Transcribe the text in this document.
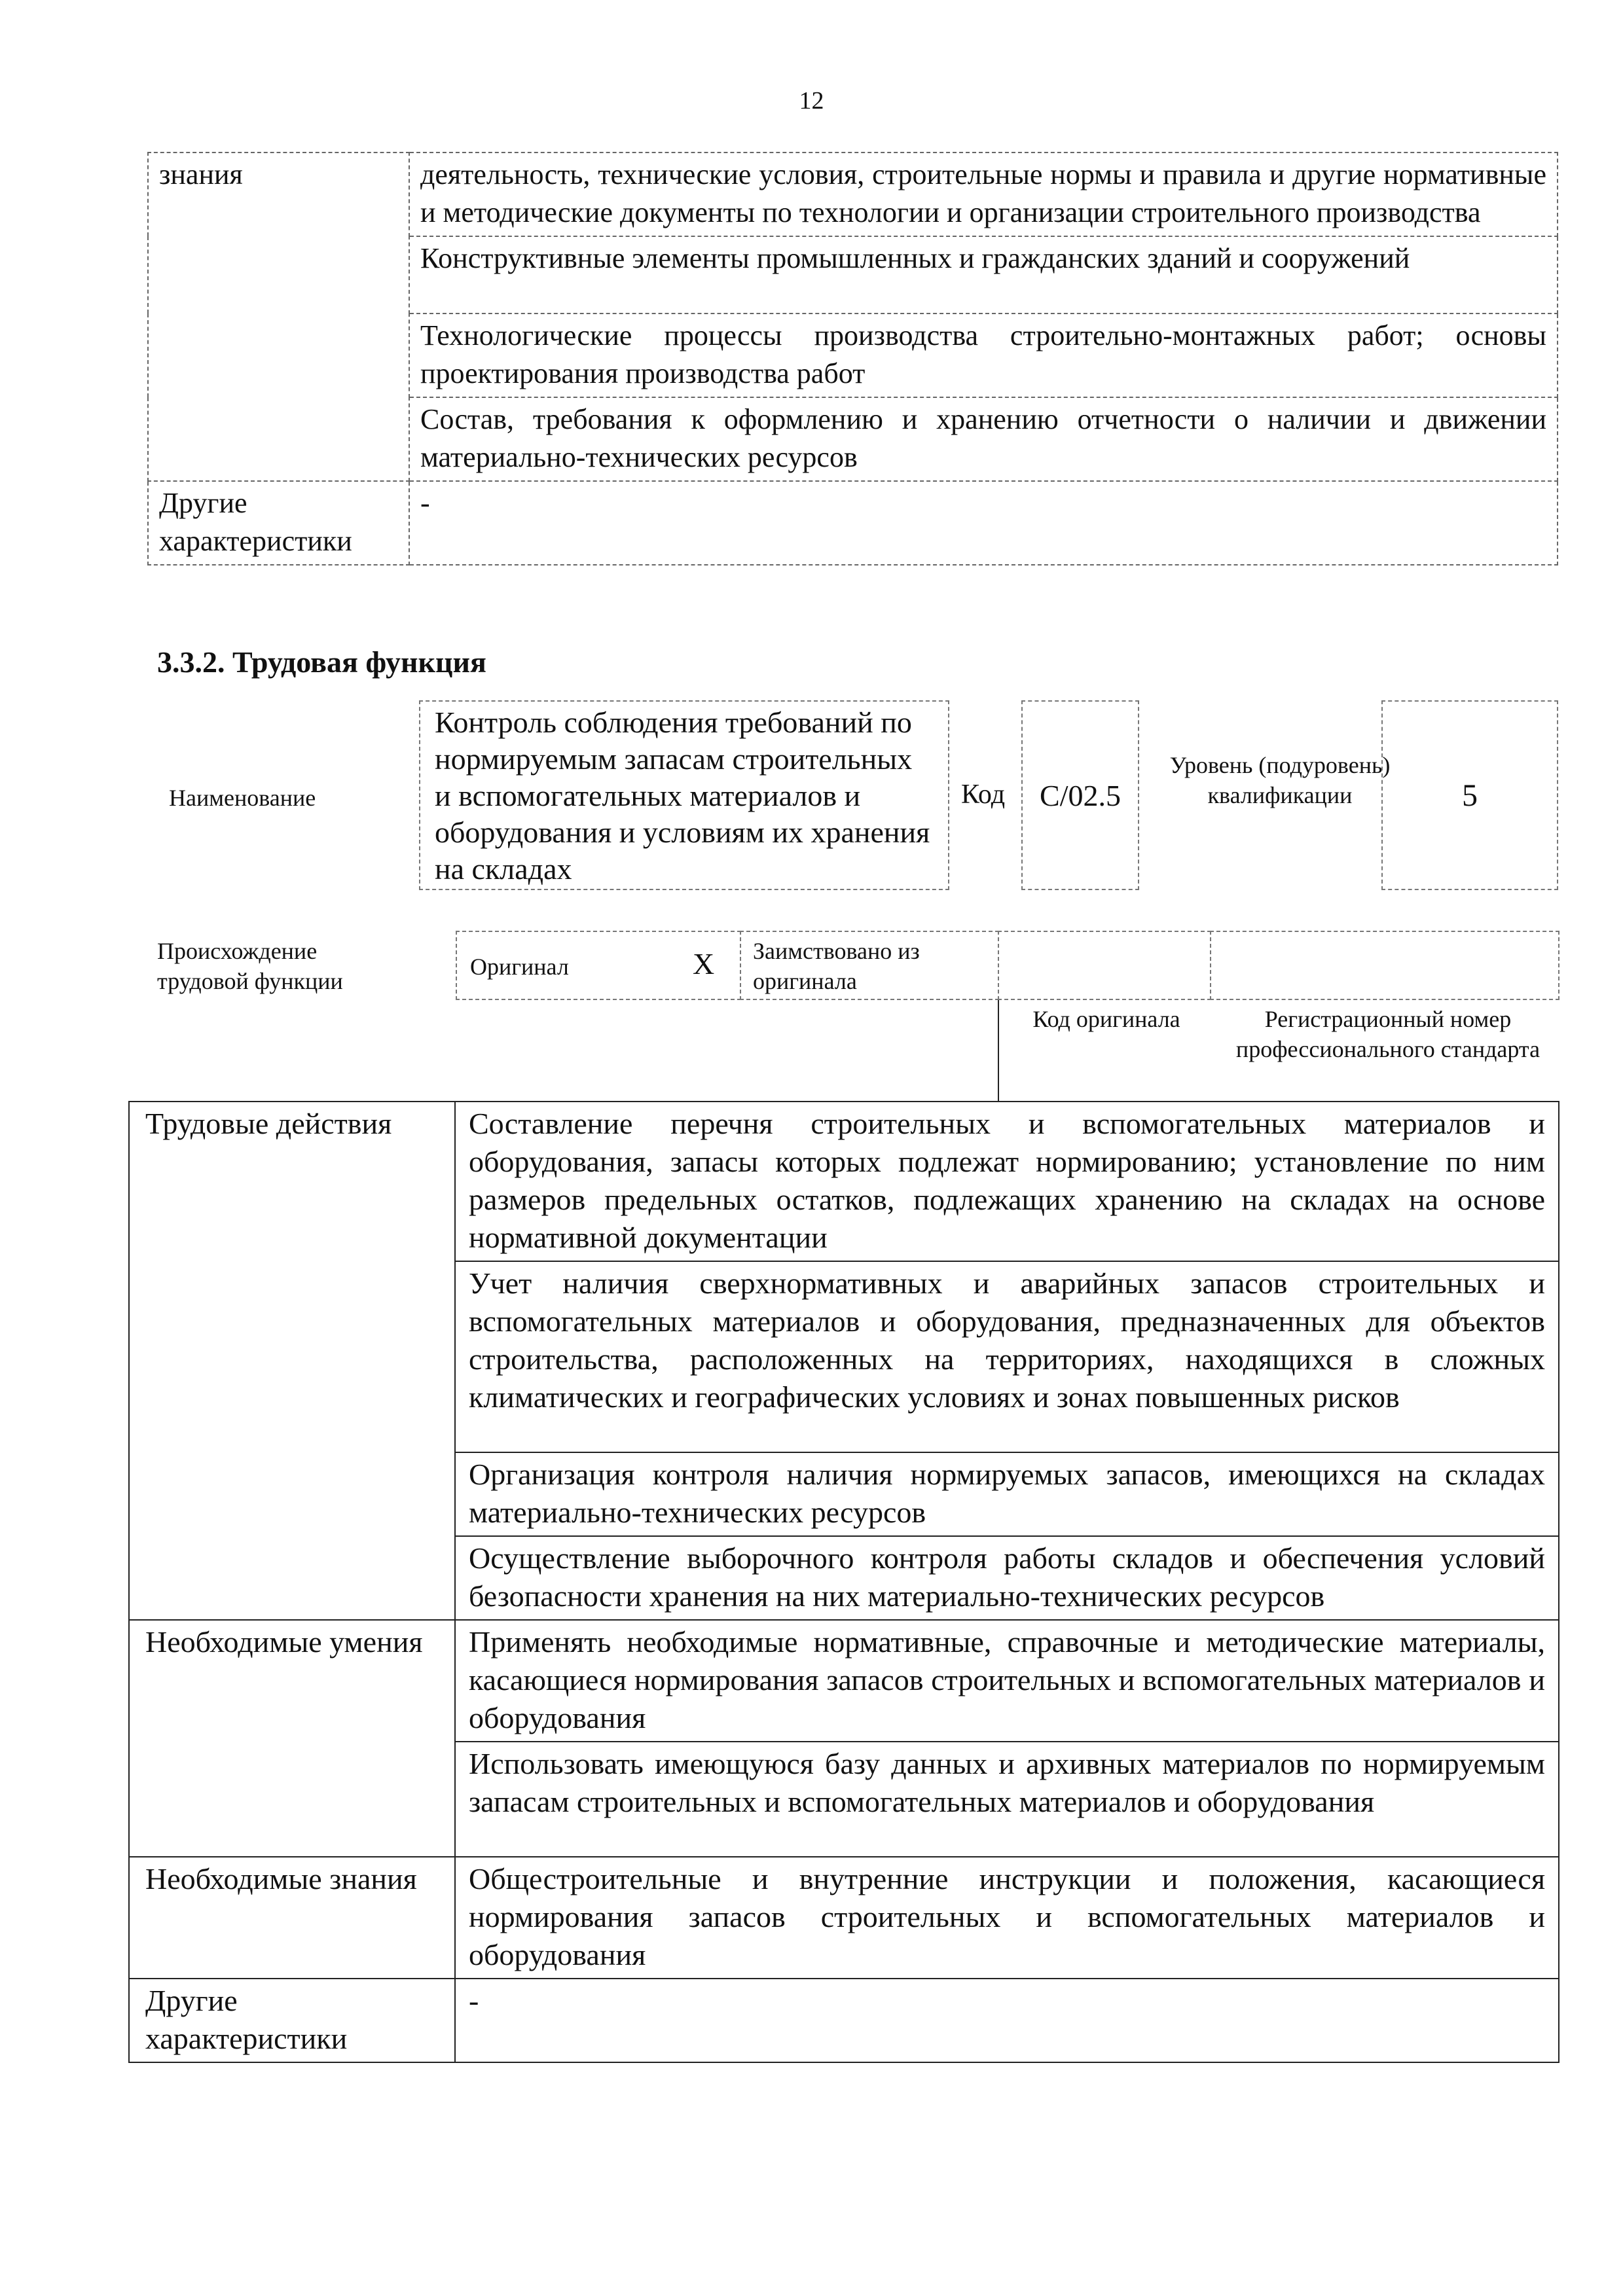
12
знания	деятельность, технические условия, строительные нормы и правила и другие нормативные и методические документы по технологии и организации строительного производства
	Конструктивные элементы промышленных и гражданских зданий и сооружений
	Технологические процессы производства строительно-монтажных работ; основы проектирования производства работ
	Состав, требования к оформлению и хранению отчетности о наличии и движении материально-технических ресурсов
Другие характеристики	-
3.3.2. Трудовая функция
Наименование
Контроль соблюдения требований по нормируемым запасам строительных и вспомогательных материалов и оборудования и условиям их хранения на складах
Код C/02.5
Уровень (подуровень) квалификации	5
Происхождение трудовой функции
Оригинал	X	Заимствовано из оригинала
Код оригинала	Регистрационный номер профессионального стандарта
Трудовые действия	Составление перечня строительных и вспомогательных материалов и оборудования, запасы которых подлежат нормированию; установление по ним размеров предельных остатков, подлежащих хранению на складах на основе нормативной документации
	Учет наличия сверхнормативных и аварийных запасов строительных и вспомогательных материалов и оборудования, предназначенных для объектов строительства, расположенных на территориях, находящихся в сложных климатических и географических условиях и зонах повышенных рисков
	Организация контроля наличия нормируемых запасов, имеющихся на складах материально-технических ресурсов
	Осуществление выборочного контроля работы складов и обеспечения условий безопасности хранения на них материально-технических ресурсов
Необходимые умения	Применять необходимые нормативные, справочные и методические материалы, касающиеся нормирования запасов строительных и вспомогательных материалов и оборудования
	Использовать имеющуюся базу данных и архивных материалов по нормируемым запасам строительных и вспомогательных материалов и оборудования
Необходимые знания	Общестроительные и внутренние инструкции и положения, касающиеся нормирования запасов строительных и вспомогательных материалов и оборудования
Другие характеристики	-
